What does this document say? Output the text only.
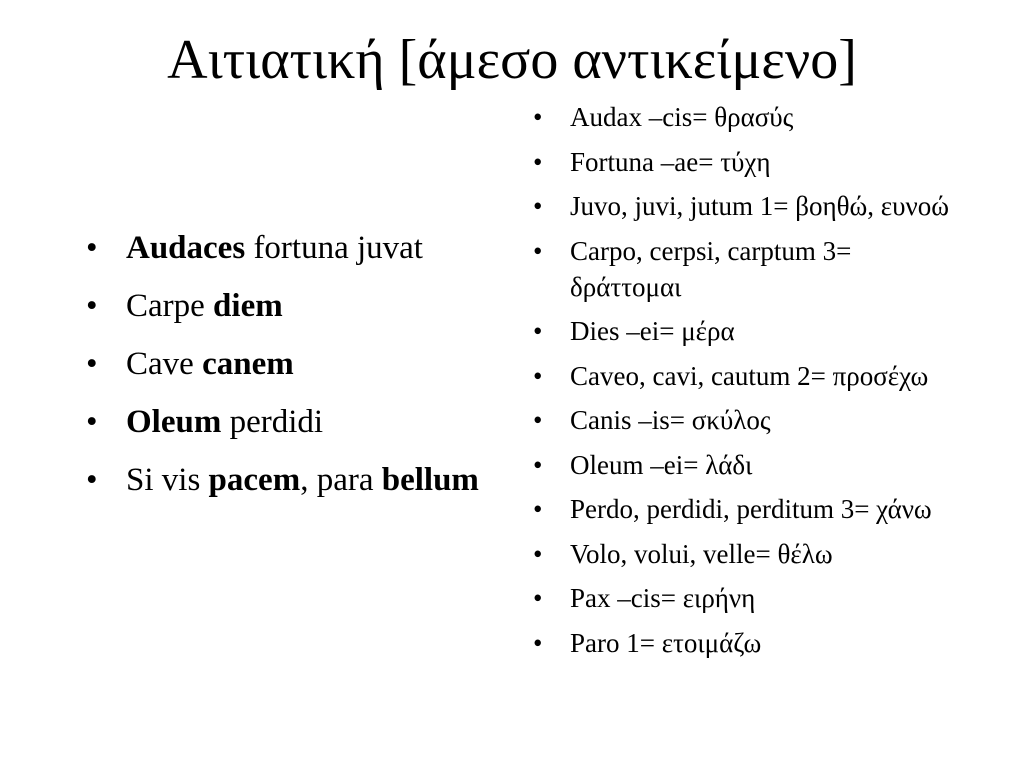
Αιτιατική [άμεσο αντικείμενο]
• Audaces fortuna juvat
• Carpe diem
• Cave canem
• Oleum perdidi
• Si vis pacem, para bellum
• Audax –cis= θρασύς
• Fortuna –ae= τύχη
• Juvo, juvi, jutum 1= βοηθώ, ευνοώ
• Carpo, cerpsi, carptum 3= δράττομαι
• Dies –ei= μέρα
• Caveo, cavi, cautum 2= προσέχω
• Canis –is= σκύλος
• Oleum –ei= λάδι
• Perdo, perdidi, perditum 3= χάνω
• Volo, volui, velle= θέλω
• Pax –cis= ειρήνη
• Paro 1= ετοιμάζω
